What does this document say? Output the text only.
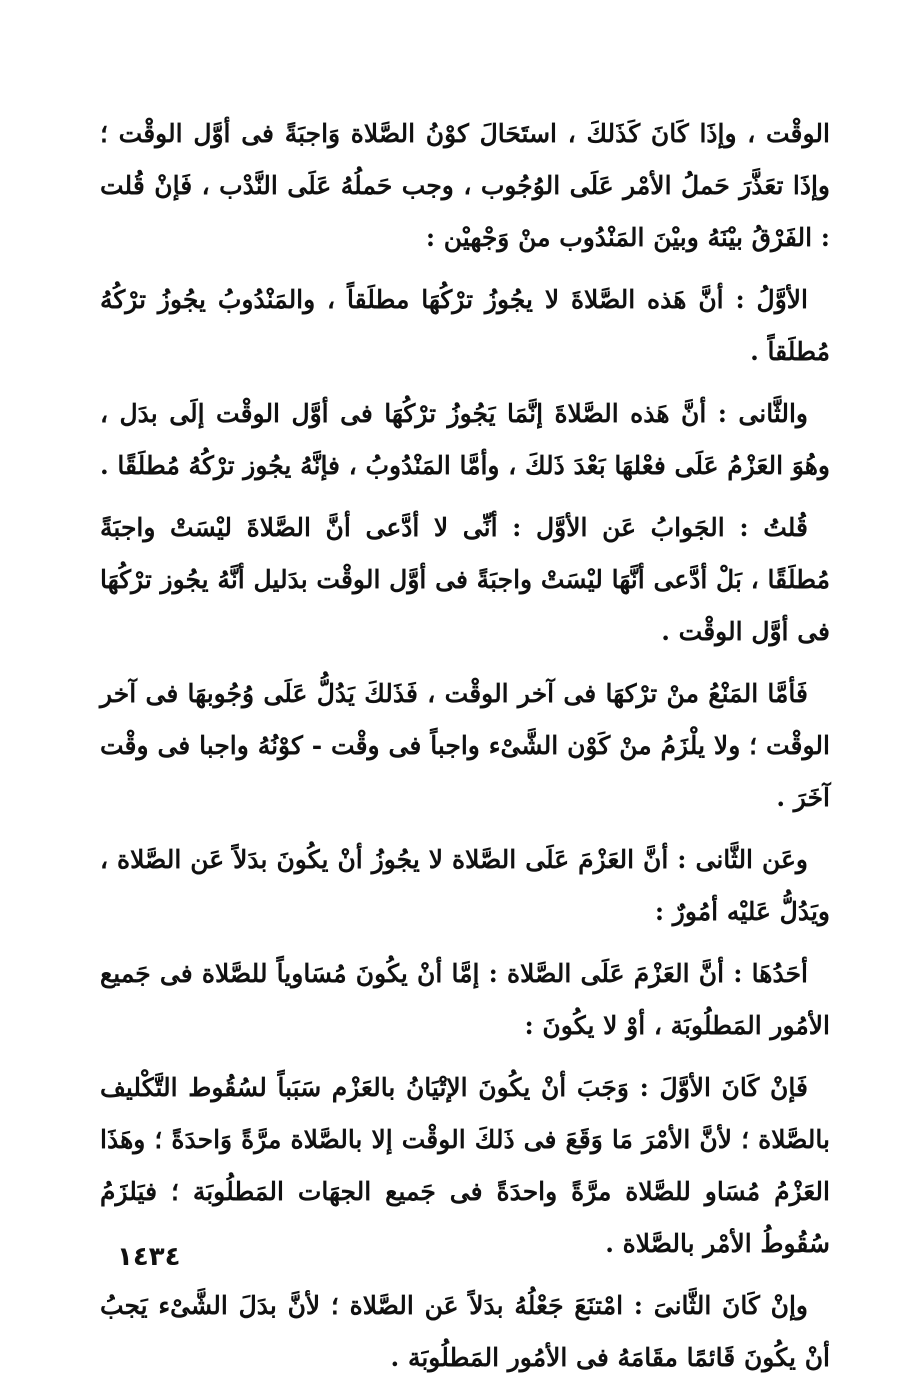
الوقْت ، وإذَا كَانَ كَذَلكَ ، استَحَالَ كوْنُ الصَّلاة وَاجبَةً فى أوَّل الوقْت ؛ وإذَا تعَذَّرَ حَملُ الأمْر عَلَى الوُجُوب ، وجب حَملُهُ عَلَى النَّدْب ، فَإنْ قُلت : الفَرْقُ بيْنَهُ وبيْنَ المَنْدُوب منْ وَجْهيْن :

الأوَّلُ : أنَّ هَذه الصَّلاةَ لا يجُوزُ ترْكُهَا مطلَقاً ، والمَنْدُوبُ يجُوزُ ترْكُهُ مُطلَقاً .

والثَّانى : أنَّ هَذه الصَّلاةَ إنَّمَا يَجُوزُ ترْكُهَا فى أوَّل الوقْت إلَى بدَل ، وهُوَ العَزْمُ عَلَى فعْلهَا بَعْدَ ذَلكَ ، وأمَّا المَنْدُوبُ ، فإنَّهُ يجُوز ترْكُهُ مُطلَقًا .

قُلتُ : الجَوابُ عَن الأوَّل : أنِّى لا أدَّعى أنَّ الصَّلاةَ ليْسَتْ واجبَةً مُطلَقًا ، بَلْ أدَّعى أنَّهَا ليْسَتْ واجبَةً فى أوَّل الوقْت بدَليل أنَّهُ يجُوز ترْكُهَا فى أوَّل الوقْت .

فَأمَّا المَنْعُ منْ ترْكهَا فى آخر الوقْت ، فَذَلكَ يَدُلُّ عَلَى وُجُوبهَا فى آخر الوقْت ؛ ولا يلْزَمُ منْ كَوْن الشَّىْء واجباً فى وقْت - كوْنُهُ واجبا فى وقْت آخَرَ .

وعَن الثَّانى : أنَّ العَزْمَ عَلَى الصَّلاة لا يجُوزُ أنْ يكُونَ بدَلاً عَن الصَّلاة ، ويَدُلُّ عَليْه أمُورٌ :

أحَدُهَا : أنَّ العَزْمَ عَلَى الصَّلاة : إمَّا أنْ يكُونَ مُسَاوياً للصَّلاة فى جَميع الأمُور المَطلُوبَة ، أوْ لا يكُونَ :

فَإنْ كَانَ الأوَّلَ : وَجَبَ أنْ يكُونَ الإتْيَانُ بالعَزْم سَبَباً لسُقُوط التَّكْليف بالصَّلاة ؛ لأنَّ الأمْرَ مَا وَقَعَ فى ذَلكَ الوقْت إلا بالصَّلاة مرَّةً وَاحدَةً ؛ وهَذَا العَزْمُ مُسَاو للصَّلاة مرَّةً واحدَةً فى جَميع الجهَات المَطلُوبَة ؛ فيَلزَمُ سُقُوطُ الأمْر بالصَّلاة .

وإنْ كَانَ الثَّانىَ : امْتنَعَ جَعْلُهُ بدَلاً عَن الصَّلاة ؛ لأنَّ بدَلَ الشَّىْء يَجبُ أنْ يكُونَ قَائمًا مقَامَهُ فى الأمُور المَطلُوبَة .

١٤٣٤
